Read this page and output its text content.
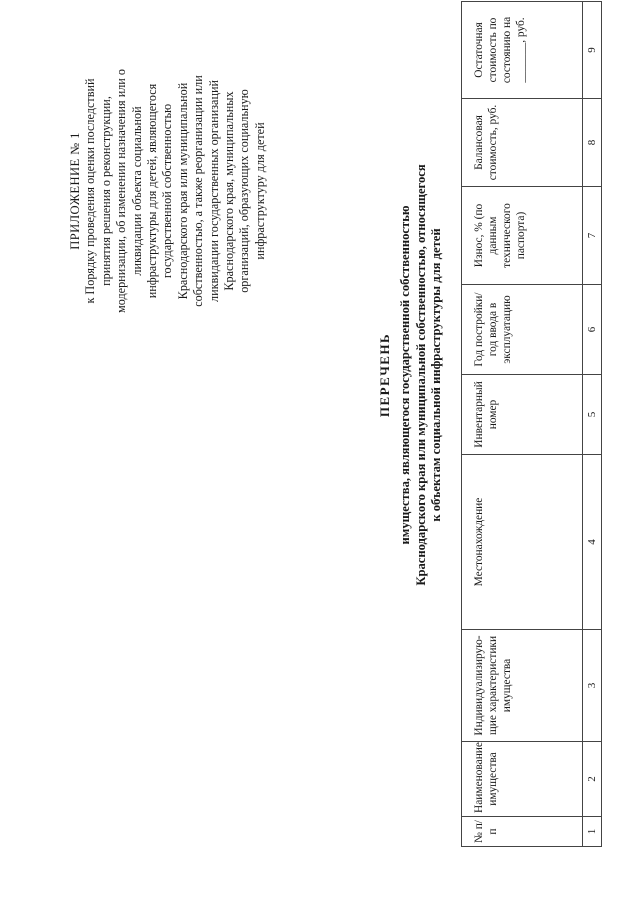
ПРИЛОЖЕНИЕ № 1 к Порядку проведения оценки последствий принятия решения о реконструкции, модернизации, об изменении назначения или о ликвидации объекта социальной инфраструктуры для детей, являющегося государственной собственностью Краснодарского края или муниципальной собственностью, а также реорганизации или ликвидации государственных организаций Краснодарского края, муниципальных организаций, образующих социальную инфраструктуру для детей
ПЕРЕЧЕНЬ имущества, являющегося государственной собственностью Краснодарского края или муниципальной собственностью, относящегося к объектам социальной инфраструктуры для детей
№ п/п	Наименование имущества	Индивидуализирую-щие характеристики имущества	Местонахождение	Инвентарный номер	Год постройки/ год ввода в эксплуатацию	Износ, % (по данным технического паспорта)	Балансовая стоимость, руб.	Остаточная стоимость по состоянию на _______, руб.
1	2	3	4	5	6	7	8	9
